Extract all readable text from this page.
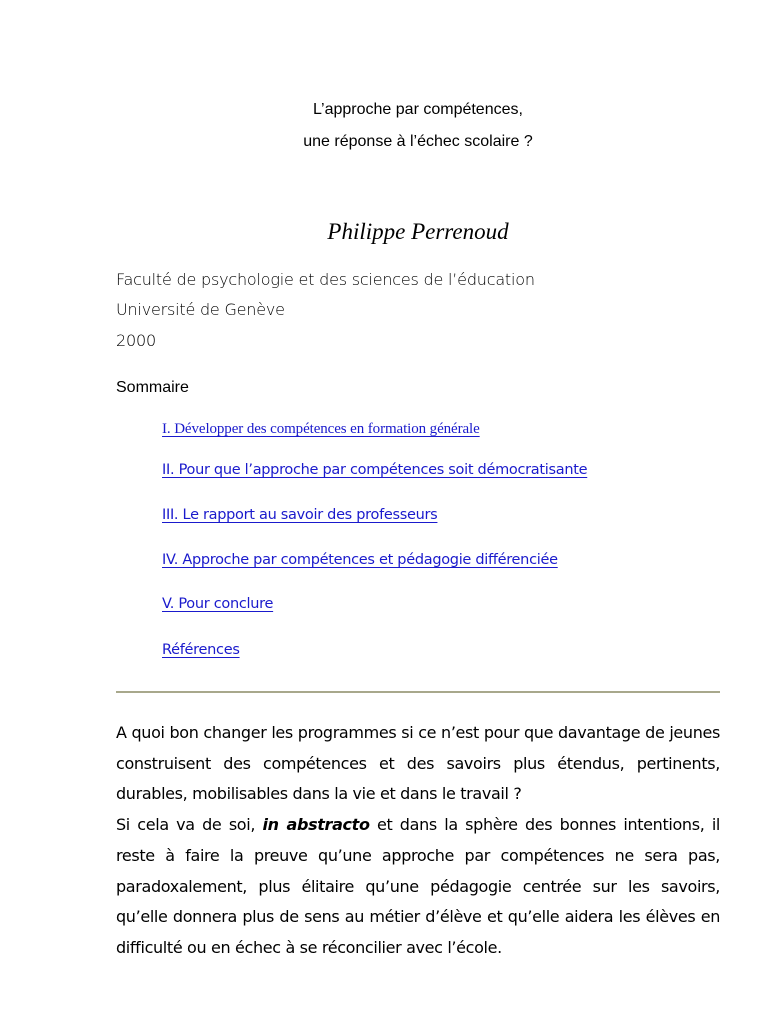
L’approche par compétences,
une réponse à l’échec scolaire ?
Philippe Perrenoud
Faculté de psychologie et des sciences de l’éducation
Université de Genève
2000
Sommaire
I. Développer des compétences en formation générale
II. Pour que l’approche par compétences soit démocratisante
III. Le rapport au savoir des professeurs
IV. Approche par compétences et pédagogie différenciée
V. Pour conclure
Références

A quoi bon changer les programmes si ce n’est pour que davantage de jeunes construisent des compétences et des savoirs plus étendus, pertinents, durables, mobilisables dans la vie et dans le travail ?

Si cela va de soi, in abstracto et dans la sphère des bonnes intentions, il reste à faire la preuve qu’une approche par compétences ne sera pas, paradoxalement, plus élitaire qu’une pédagogie centrée sur les savoirs, qu’elle donnera plus de sens au métier d’élève et qu’elle aidera les élèves en difficulté ou en échec à se réconcilier avec l’école.
